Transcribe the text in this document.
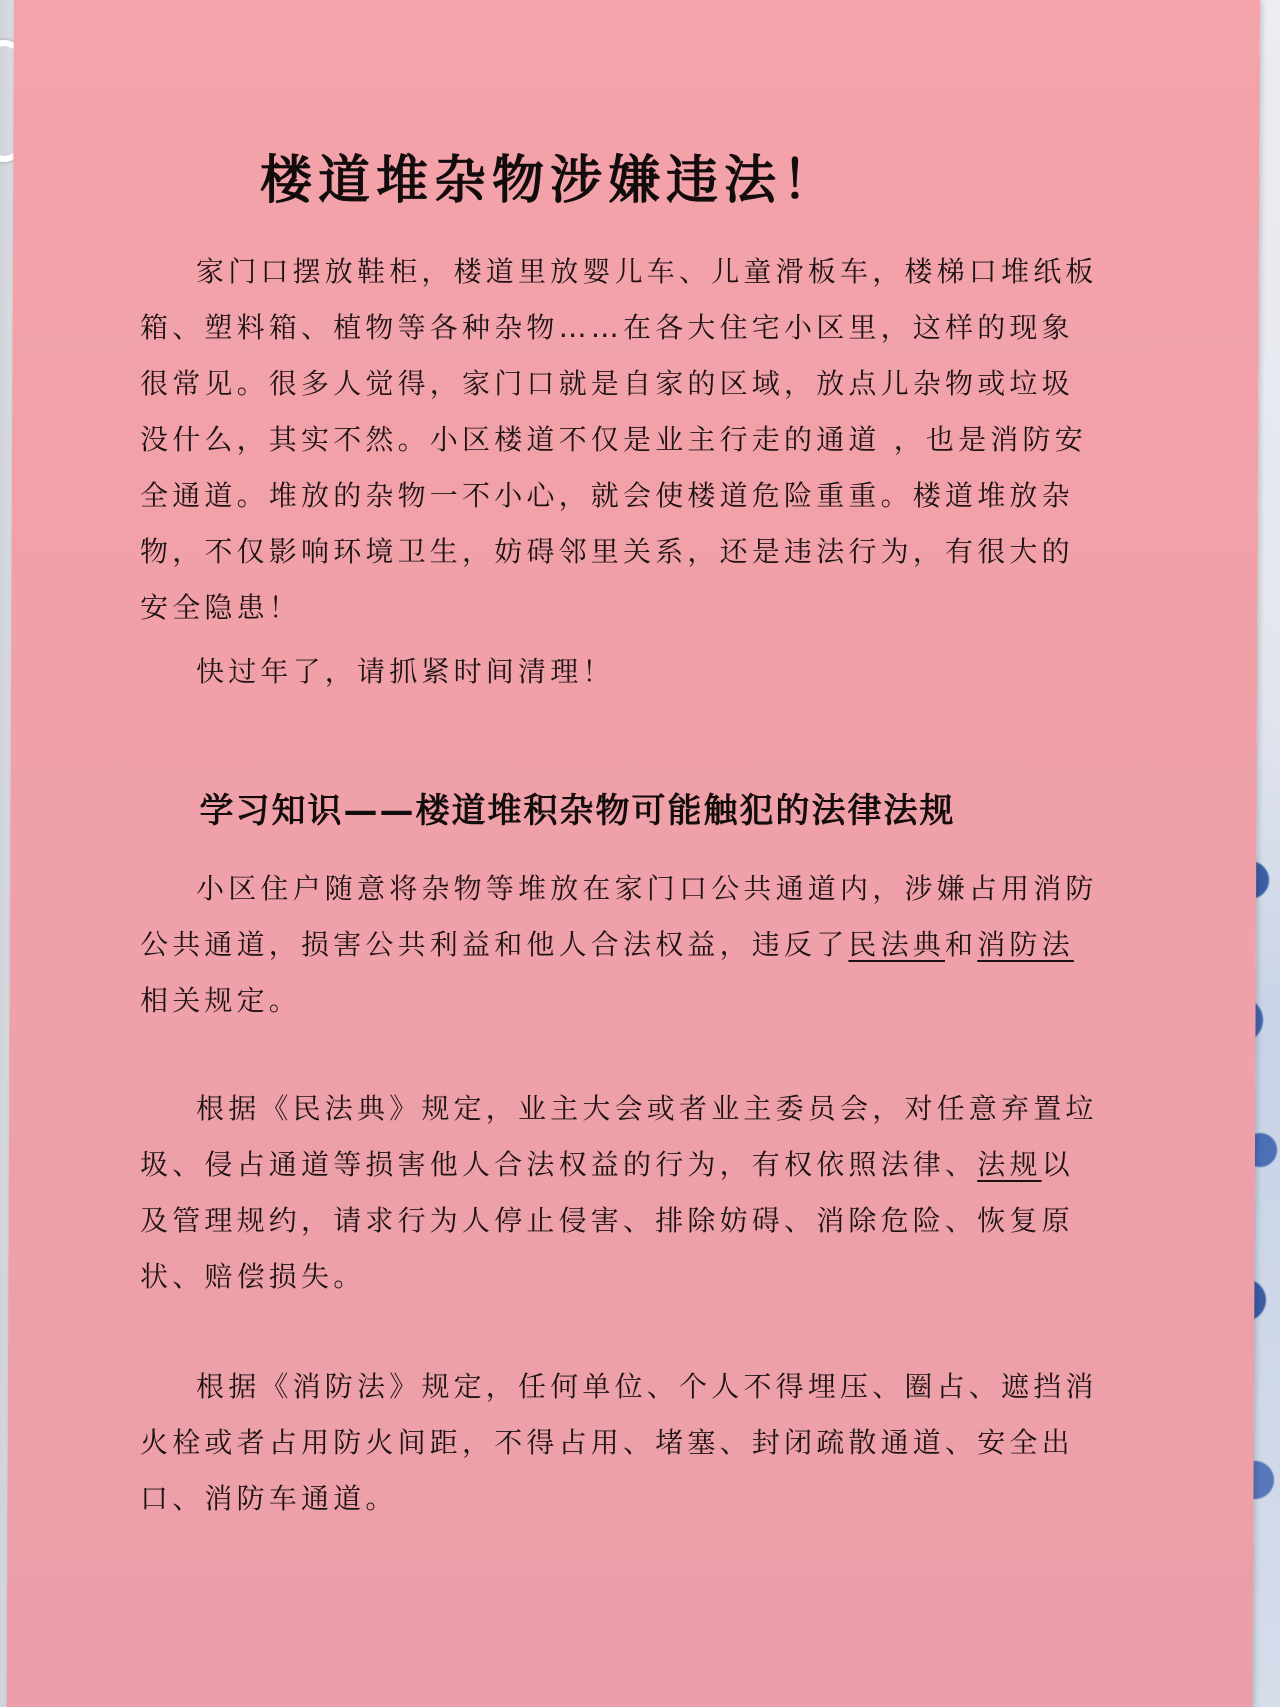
楼道堆杂物涉嫌违法！

家门口摆放鞋柜，楼道里放婴儿车、儿童滑板车，楼梯口堆纸板箱、塑料箱、植物等各种杂物……在各大住宅小区里，这样的现象很常见。很多人觉得，家门口就是自家的区域，放点儿杂物或垃圾没什么，其实不然。小区楼道不仅是业主行走的通道 ，也是消防安全通道。堆放的杂物一不小心，就会使楼道危险重重。楼道堆放杂物，不仅影响环境卫生，妨碍邻里关系，还是违法行为，有很大的安全隐患！

快过年了，请抓紧时间清理！

学习知识——楼道堆积杂物可能触犯的法律法规

小区住户随意将杂物等堆放在家门口公共通道内，涉嫌占用消防公共通道，损害公共利益和他人合法权益，违反了民法典和消防法相关规定。

根据《民法典》规定，业主大会或者业主委员会，对任意弃置垃圾、侵占通道等损害他人合法权益的行为，有权依照法律、法规以及管理规约，请求行为人停止侵害、排除妨碍、消除危险、恢复原状、赔偿损失。

根据《消防法》规定，任何单位、个人不得埋压、圈占、遮挡消火栓或者占用防火间距，不得占用、堵塞、封闭疏散通道、安全出口、消防车通道。
